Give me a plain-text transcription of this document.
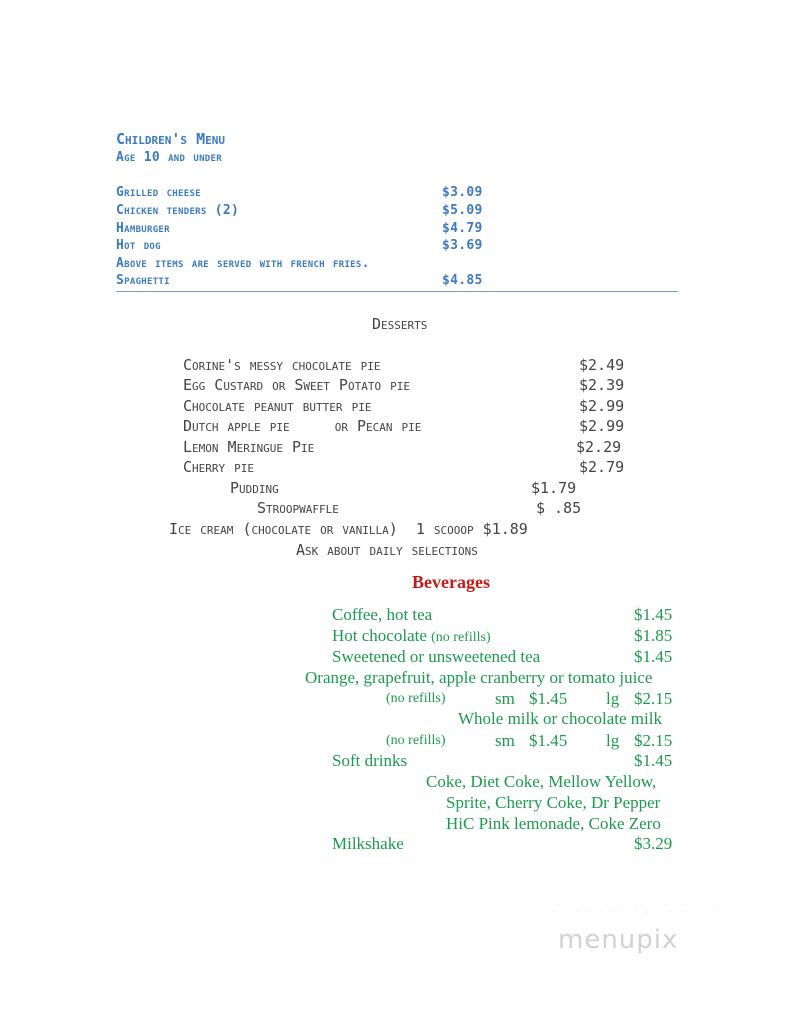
Children's Menu
Age 10 and under
Grilled cheese	$3.09
Chicken tenders (2)	$5.09
Hamburger	$4.79
Hot dog	$3.69
Above items are served with french fries.
Spaghetti	$4.85
Desserts
Corine's messy chocolate pie	$2.49
Egg Custard or Sweet Potato pie	$2.39
Chocolate peanut butter pie	$2.99
Dutch apple pie     or Pecan pie	$2.99
Lemon Meringue Pie	$2.29
Cherry pie	$2.79
Pudding	$1.79
Stroopwaffle	$ .85
Ice cream (chocolate or vanilla)  1 scooop $1.89
Ask about daily selections
Beverages
Coffee, hot tea	$1.45
Hot chocolate (no refills)	$1.85
Sweetened or unsweetened tea	$1.45
Orange, grapefruit, apple cranberry or tomato juice
(no refills)	sm $1.45 lg $2.15
Whole milk or chocolate milk
(no refills)	sm $1.45 lg $2.15
Soft drinks	$1.45
Coke, Diet Coke, Mellow Yellow,
Sprite, Cherry Coke, Dr Pepper
HiC Pink lemonade, Coke Zero
Milkshake	$3.29
· · · · · · · · · · · · · · ·
menupix
